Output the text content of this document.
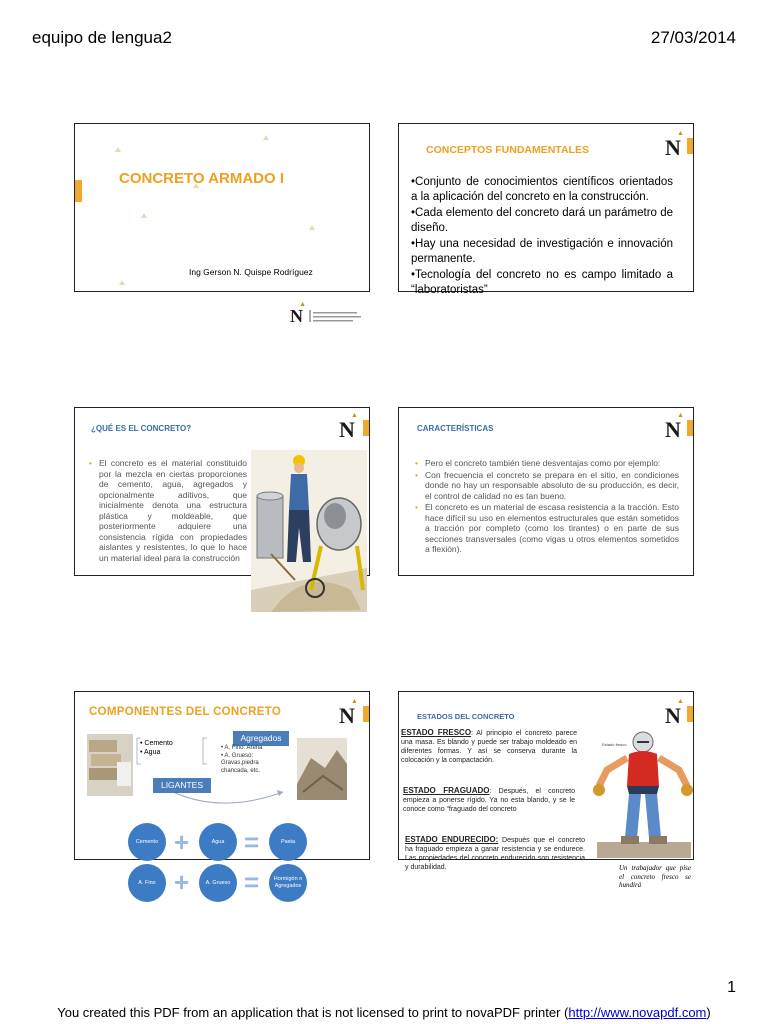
equipo de lengua2	27/03/2014
CONCRETO ARMADO I
Ing Gerson N. Quispe Rodríguez
N
▲
CONCEPTOS FUNDAMENTALES	N
▲

•Conjunto de conocimientos científicos orientados a la aplicación del concreto en la construcción.

•Cada elemento del concreto dará un parámetro de diseño.

•Hay una necesidad de investigación e innovación permanente.

•Tecnología del concreto no es campo limitado a “laboratoristas”

¿QUÉ ES EL CONCRETO?	N
▲
• El concreto es el material constituido por la mezcla en ciertas proporciones de cemento, agua, agregados y opcionalmente aditivos, que inicialmente denota una estructura plástica y moldeable, que posteriormente adquiere una consistencia rígida con propiedades aislantes y resistentes, lo que lo hace un material ideal para la construcción
CARACTERÍSTICAS	N
▲
• Pero el concreto también tiene desventajas como por ejemplo:
• Con frecuencia el concreto se prepara en el sitio, en condiciones donde no hay un responsable absoluto de su producción, es decir, el control de calidad no es tan bueno.
• El concreto es un material de escasa resistencia a la tracción. Esto hace difícil su uso en elementos estructurales que están sometidos a tracción por completo (como los tirantes) o en parte de sus secciones transversales (como vigas u otros elementos sometidos a flexión).
COMPONENTES DEL CONCRETO	N
▲
• Cemento
• Agua
Agregados
• A. Fino: Arena
• A. Grueso: Gravas,piedra chancada, etc.
LIGANTES
Cemento +	Agua =	Pasta
A. Fino +	A. Grueso =	Hormigón o Agregados
ESTADOS DEL CONCRETO	N
▲
ESTADO FRESCO: Al principio el concreto parece una masa. Es blando y puede ser trabajo moldeado en diferentes formas. Y así se conserva durante la colocación y la compactación.
ESTADO FRAGUADO: Después, el concreto empieza a ponerse rígido. Ya no esta blando, y se le conoce como “fraguado del concreto
ESTADO ENDURECIDO: Después que el concreto ha fraguado empieza a ganar resistencia y se endurece. Las propiedades del concreto endurecido son resistencia y durabilidad.
Estado fresco
Un trabajador que pise el concreto fresco se hundirá
1
You created this PDF from an application that is not licensed to print to novaPDF printer (http://www.novapdf.com)
